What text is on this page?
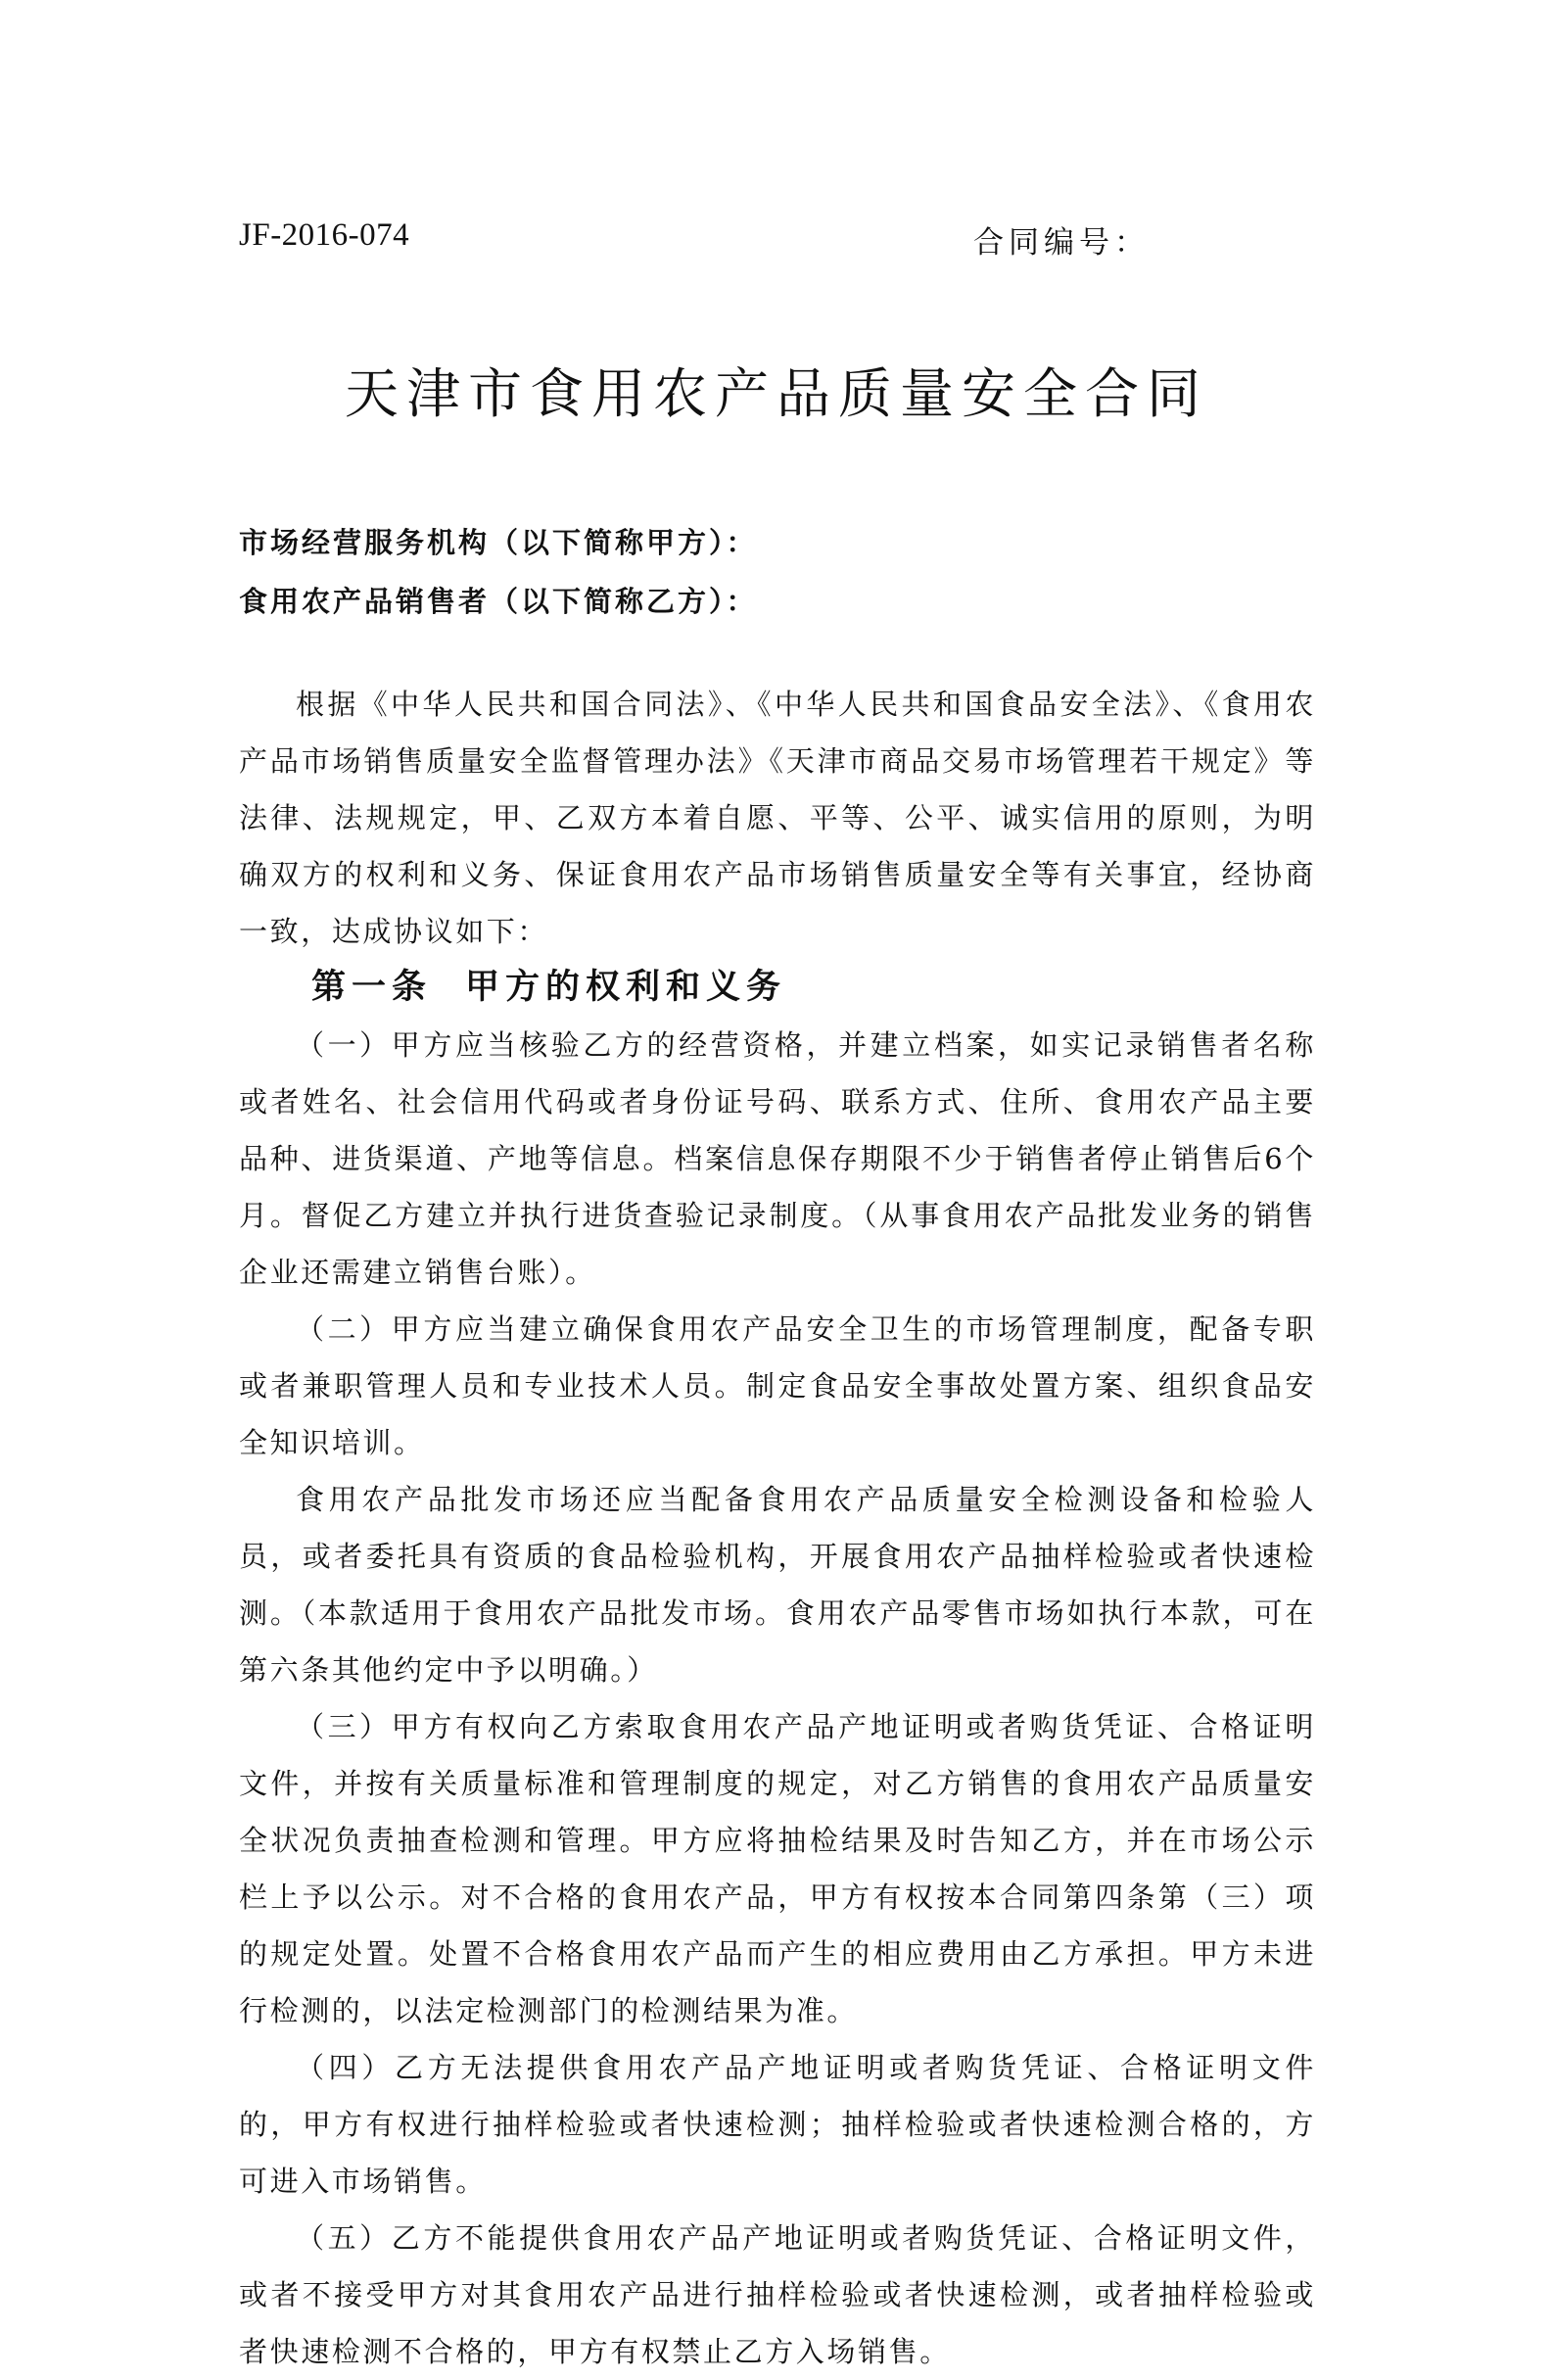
JF-2016-074	合同编号：
天津市食用农产品质量安全合同
市场经营服务机构（以下简称甲方）：
食用农产品销售者（以下简称乙方）：

根据《中华人民共和国合同法》、《中华人民共和国食品安全法》、《食用农产品市场销售质量安全监督管理办法》《天津市商品交易市场管理若干规定》等法律、法规规定，甲、乙双方本着自愿、平等、公平、诚实信用的原则，为明确双方的权利和义务、保证食用农产品市场销售质量安全等有关事宜，经协商一致，达成协议如下：

第一条 甲方的权利和义务

（一）甲方应当核验乙方的经营资格，并建立档案，如实记录销售者名称或者姓名、社会信用代码或者身份证号码、联系方式、住所、食用农产品主要品种、进货渠道、产地等信息。档案信息保存期限不少于销售者停止销售后6个月。督促乙方建立并执行进货查验记录制度。（从事食用农产品批发业务的销售企业还需建立销售台账）。

（二）甲方应当建立确保食用农产品安全卫生的市场管理制度，配备专职或者兼职管理人员和专业技术人员。制定食品安全事故处置方案、组织食品安全知识培训。

食用农产品批发市场还应当配备食用农产品质量安全检测设备和检验人员，或者委托具有资质的食品检验机构，开展食用农产品抽样检验或者快速检测。（本款适用于食用农产品批发市场。食用农产品零售市场如执行本款，可在第六条其他约定中予以明确。）

（三）甲方有权向乙方索取食用农产品产地证明或者购货凭证、合格证明文件，并按有关质量标准和管理制度的规定，对乙方销售的食用农产品质量安全状况负责抽查检测和管理。甲方应将抽检结果及时告知乙方，并在市场公示栏上予以公示。对不合格的食用农产品，甲方有权按本合同第四条第（三）项的规定处置。处置不合格食用农产品而产生的相应费用由乙方承担。甲方未进行检测的，以法定检测部门的检测结果为准。

（四）乙方无法提供食用农产品产地证明或者购货凭证、合格证明文件的，甲方有权进行抽样检验或者快速检测；抽样检验或者快速检测合格的，方可进入市场销售。

（五）乙方不能提供食用农产品产地证明或者购货凭证、合格证明文件，或者不接受甲方对其食用农产品进行抽样检验或者快速检测，或者抽样检验或者快速检测不合格的，甲方有权禁止乙方入场销售。
